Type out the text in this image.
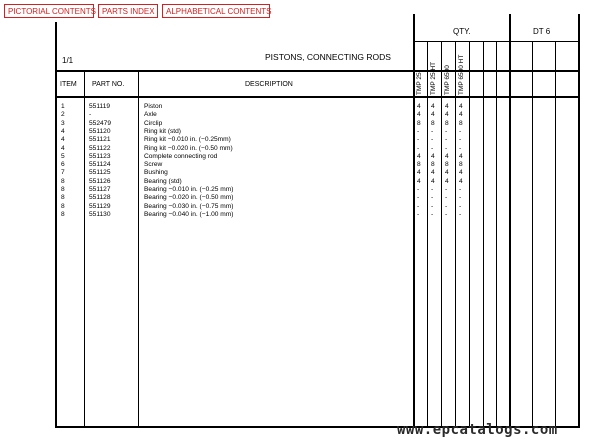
PICTORIAL CONTENTS PARTS INDEX	ALPHABETICAL CONTENTS
1/1	PISTONS, CONNECTING RODS
QTY.	DT 6
ITEM PART NO.	DESCRIPTION	TMP 25 TMP 25 HT TMP 6500 TMP 6500 HT
1	551119	Piston	4 4 4 4
2	-	Axle	4 4 4 4
3	552479	Circlip	8 8 8 8
4	551120	Ring kit (std)	- - - -
4	551121	Ring kit −0.010 in. (−0.25mm)	- - - -
4	551122	Ring kit −0.020 in. (−0.50 mm)	- - - -
5	551123	Complete connecting rod	4 4 4 4
6	551124	Screw	8 8 8 8
7	551125	Bushing	4 4 4 4
8	551126	Bearing (std)	4 4 4 4
8	551127	Bearing −0.010 in. (−0.25 mm)	- - - -
8	551128	Bearing −0.020 in. (−0.50 mm)	- - - -
8	551129	Bearing −0.030 in. (−0.75 mm)	- - - -
8	551130	Bearing −0.040 in. (−1.00 mm)	- - - -
www.epcatalogs.com
